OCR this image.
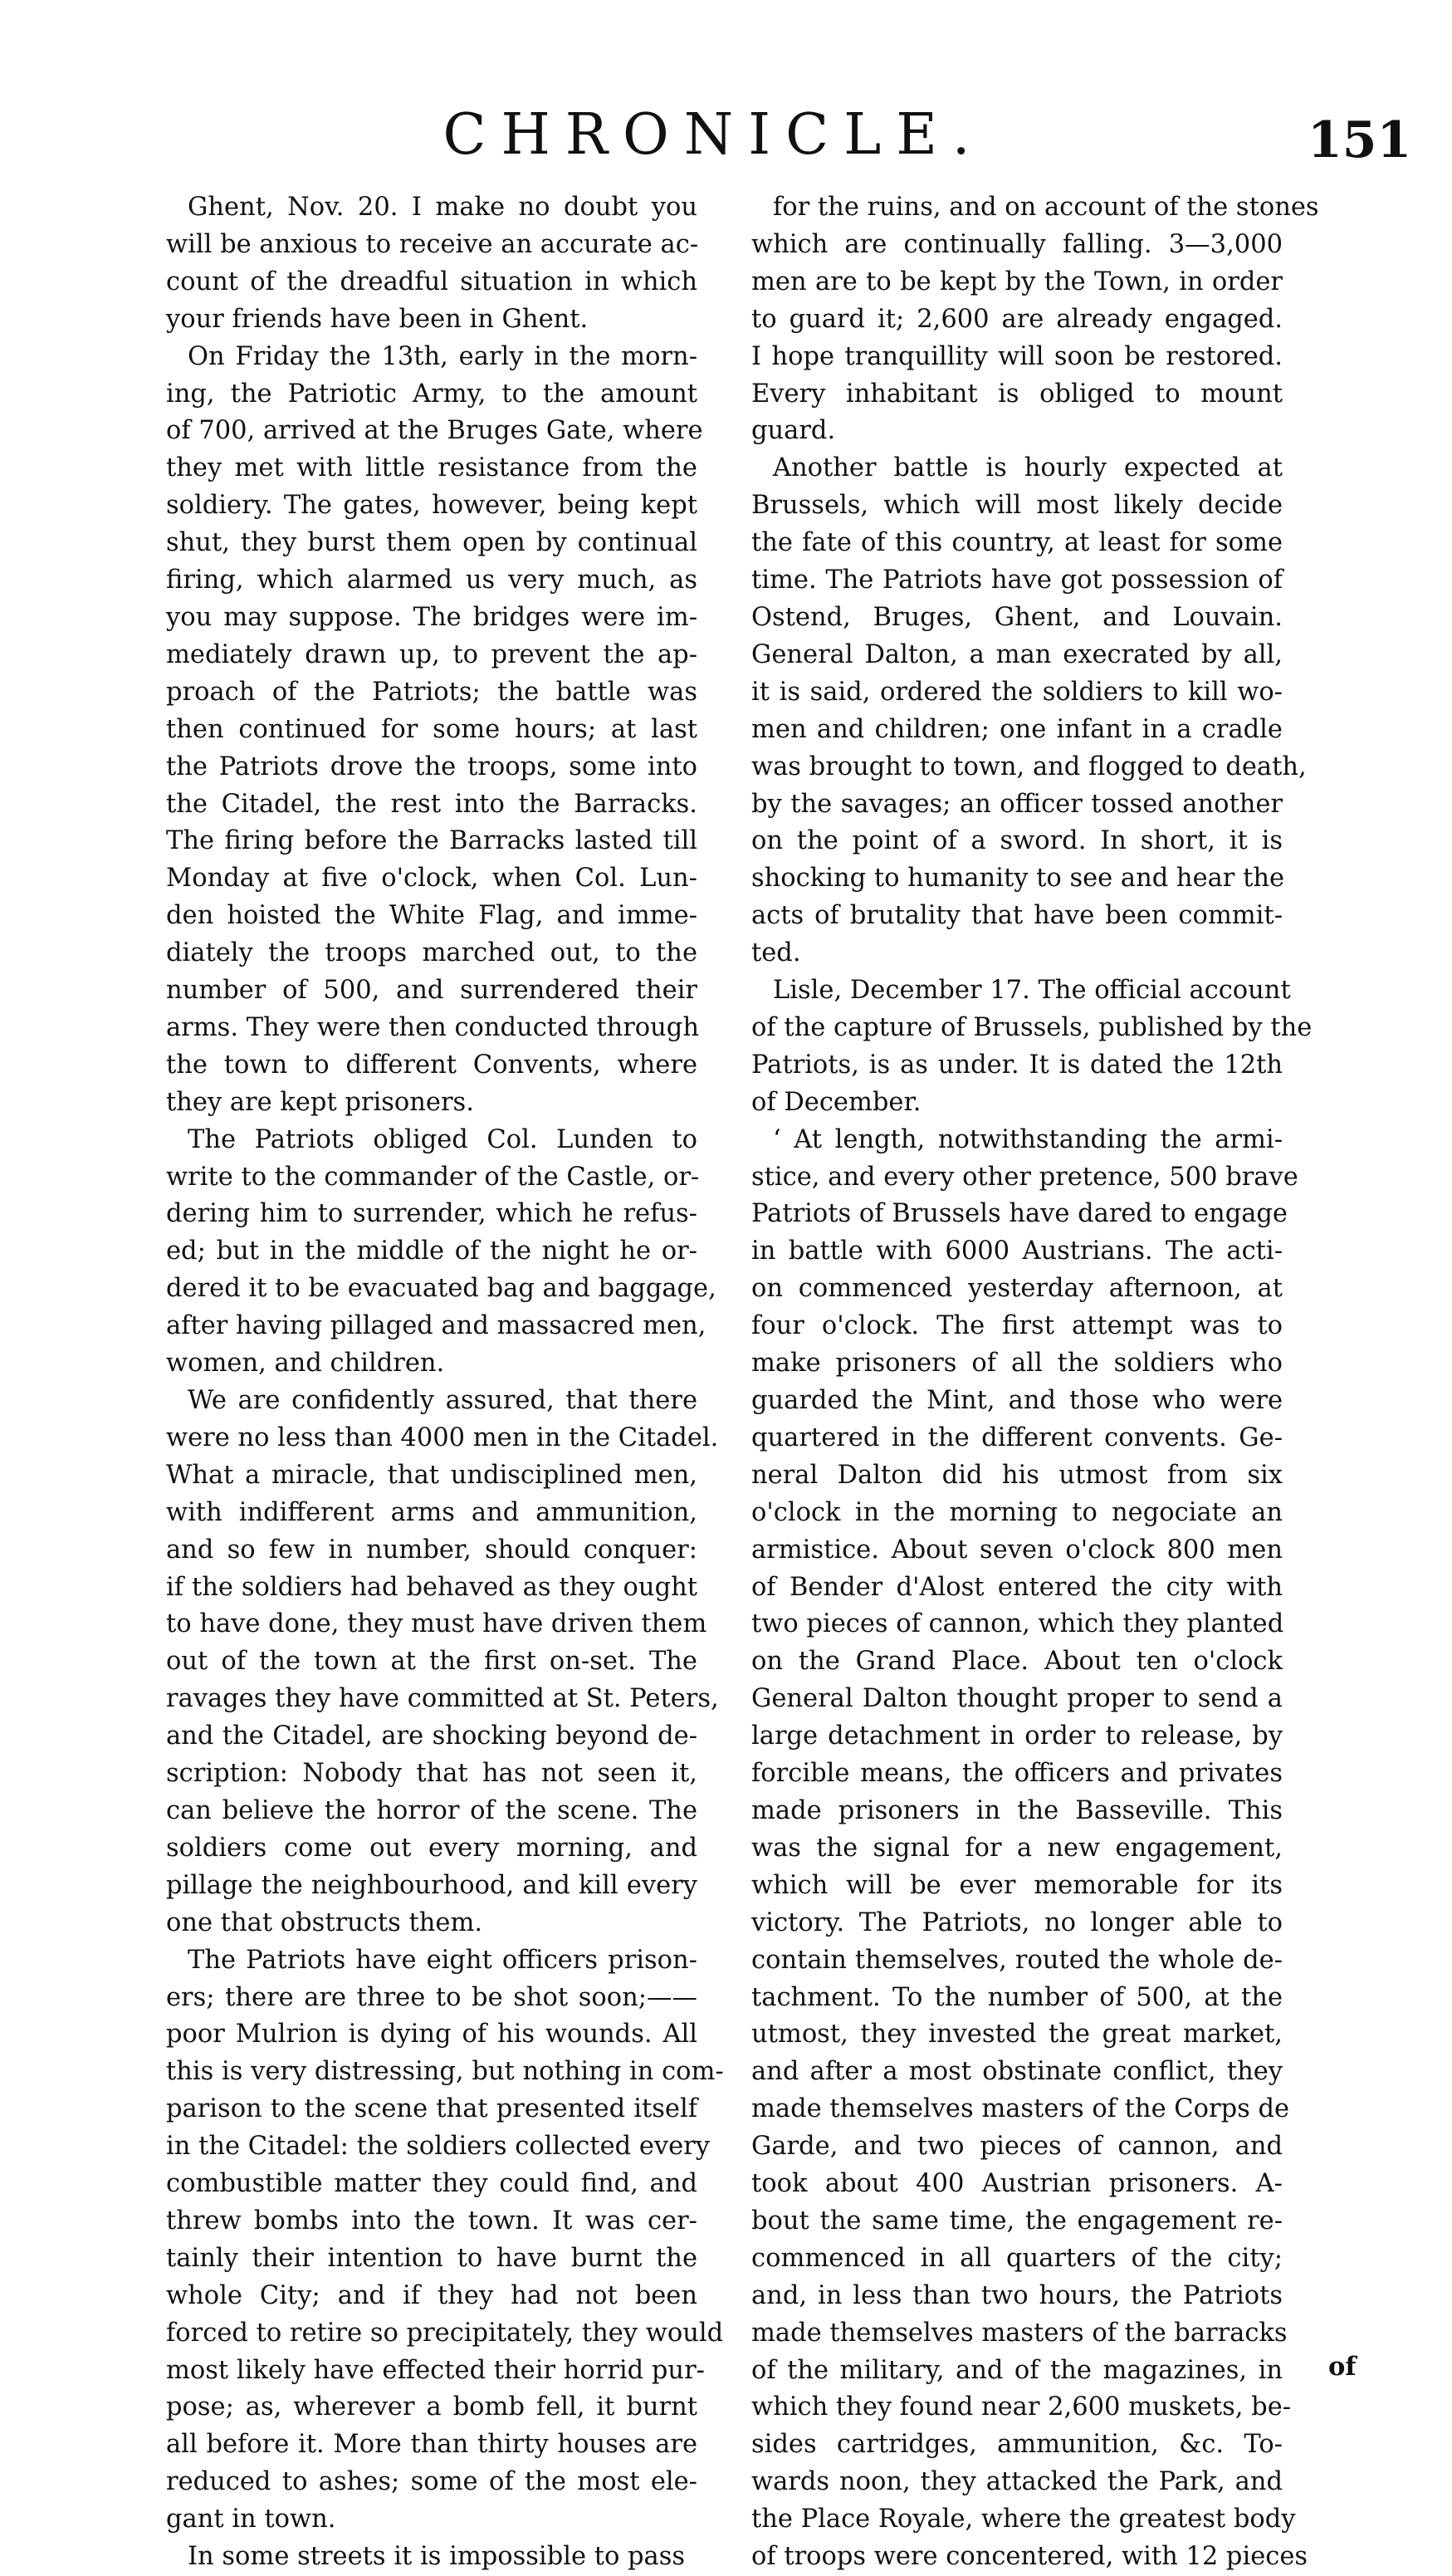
CHRONICLE.	151
Ghent, Nov. 20. I make no doubt you
will be anxious to receive an accurate ac-
count of the dreadful situation in which
your friends have been in Ghent.
On Friday the 13th, early in the morn-
ing, the Patriotic Army, to the amount
of 700, arrived at the Bruges Gate, where
they met with little resistance from the
soldiery. The gates, however, being kept
shut, they burst them open by continual
firing, which alarmed us very much, as
you may suppose. The bridges were im-
mediately drawn up, to prevent the ap-
proach of the Patriots; the battle was
then continued for some hours; at last
the Patriots drove the troops, some into
the Citadel, the rest into the Barracks.
The firing before the Barracks lasted till
Monday at five o'clock, when Col. Lun-
den hoisted the White Flag, and imme-
diately the troops marched out, to the
number of 500, and surrendered their
arms. They were then conducted through
the town to different Convents, where
they are kept prisoners.
The Patriots obliged Col. Lunden to
write to the commander of the Castle, or-
dering him to surrender, which he refus-
ed; but in the middle of the night he or-
dered it to be evacuated bag and baggage,
after having pillaged and massacred men,
women, and children.
We are confidently assured, that there
were no less than 4000 men in the Citadel.
What a miracle, that undisciplined men,
with indifferent arms and ammunition,
and so few in number, should conquer:
if the soldiers had behaved as they ought
to have done, they must have driven them
out of the town at the first on-set. The
ravages they have committed at St. Peters,
and the Citadel, are shocking beyond de-
scription: Nobody that has not seen it,
can believe the horror of the scene. The
soldiers come out every morning, and
pillage the neighbourhood, and kill every
one that obstructs them.
The Patriots have eight officers prison-
ers; there are three to be shot soon;——
poor Mulrion is dying of his wounds. All
this is very distressing, but nothing in com-
parison to the scene that presented itself
in the Citadel: the soldiers collected every
combustible matter they could find, and
threw bombs into the town. It was cer-
tainly their intention to have burnt the
whole City; and if they had not been
forced to retire so precipitately, they would
most likely have effected their horrid pur-
pose; as, wherever a bomb fell, it burnt
all before it. More than thirty houses are
reduced to ashes; some of the most ele-
gant in town.
In some streets it is impossible to pass
for the ruins, and on account of the stones
which are continually falling. 3—3,000
men are to be kept by the Town, in order
to guard it; 2,600 are already engaged.
I hope tranquillity will soon be restored.
Every inhabitant is obliged to mount
guard.
Another battle is hourly expected at
Brussels, which will most likely decide
the fate of this country, at least for some
time. The Patriots have got possession of
Ostend, Bruges, Ghent, and Louvain.
General Dalton, a man execrated by all,
it is said, ordered the soldiers to kill wo-
men and children; one infant in a cradle
was brought to town, and flogged to death,
by the savages; an officer tossed another
on the point of a sword. In short, it is
shocking to humanity to see and hear the
acts of brutality that have been commit-
ted.
Lisle, December 17. The official account
of the capture of Brussels, published by the
Patriots, is as under. It is dated the 12th
of December.
‘ At length, notwithstanding the armi-
stice, and every other pretence, 500 brave
Patriots of Brussels have dared to engage
in battle with 6000 Austrians. The acti-
on commenced yesterday afternoon, at
four o'clock. The first attempt was to
make prisoners of all the soldiers who
guarded the Mint, and those who were
quartered in the different convents. Ge-
neral Dalton did his utmost from six
o'clock in the morning to negociate an
armistice. About seven o'clock 800 men
of Bender d'Alost entered the city with
two pieces of cannon, which they planted
on the Grand Place. About ten o'clock
General Dalton thought proper to send a
large detachment in order to release, by
forcible means, the officers and privates
made prisoners in the Basseville. This
was the signal for a new engagement,
which will be ever memorable for its
victory. The Patriots, no longer able to
contain themselves, routed the whole de-
tachment. To the number of 500, at the
utmost, they invested the great market,
and after a most obstinate conflict, they
made themselves masters of the Corps de
Garde, and two pieces of cannon, and
took about 400 Austrian prisoners. A-
bout the same time, the engagement re-
commenced in all quarters of the city;
and, in less than two hours, the Patriots
made themselves masters of the barracks
of the military, and of the magazines, in
which they found near 2,600 muskets, be-
sides cartridges, ammunition, &c. To-
wards noon, they attacked the Park, and
the Place Royale, where the greatest body
of troops were concentered, with 12 pieces
of
